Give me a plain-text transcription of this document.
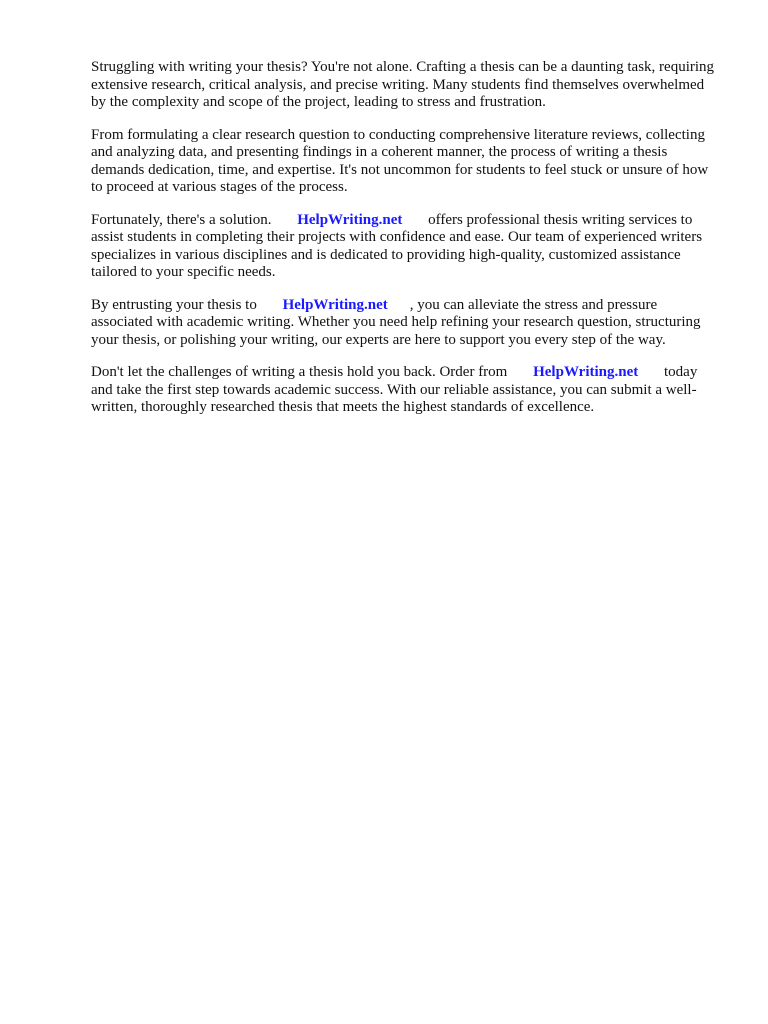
Struggling with writing your thesis? You're not alone. Crafting a thesis can be a daunting task, requiring extensive research, critical analysis, and precise writing. Many students find themselves overwhelmed by the complexity and scope of the project, leading to stress and frustration.

From formulating a clear research question to conducting comprehensive literature reviews, collecting and analyzing data, and presenting findings in a coherent manner, the process of writing a thesis demands dedication, time, and expertise. It's not uncommon for students to feel stuck or unsure of how to proceed at various stages of the process.

Fortunately, there's a solution. HelpWriting.net offers professional thesis writing services to assist students in completing their projects with confidence and ease. Our team of experienced writers specializes in various disciplines and is dedicated to providing high-quality, customized assistance tailored to your specific needs.

By entrusting your thesis to HelpWriting.net , you can alleviate the stress and pressure associated with academic writing. Whether you need help refining your research question, structuring your thesis, or polishing your writing, our experts are here to support you every step of the way.

Don't let the challenges of writing a thesis hold you back. Order from HelpWriting.net today and take the first step towards academic success. With our reliable assistance, you can submit a well-written, thoroughly researched thesis that meets the highest standards of excellence.
